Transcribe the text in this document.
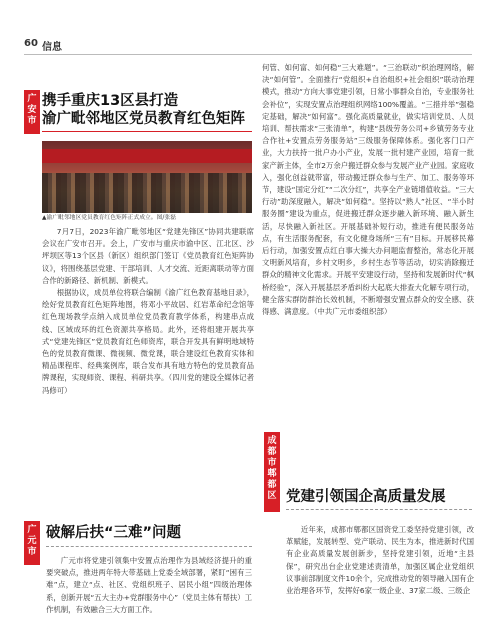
60 信息
广
安
市
携手重庆13区县打造
渝广毗邻地区党员教育红色矩阵
▲渝广毗邻地区党员教育红色矩阵正式成立。图/张磊

7月7日，2023年渝广毗邻地区“党建先锋区”协同共建联席会议在广安市召开。会上，广安市与重庆市渝中区、江北区、沙坪坝区等13个区县（新区）组织部门签订《党员教育红色矩阵协议》，将围绕基层党建、干部培训、人才交流、近距离联动等方面合作的新路径、新机制、新模式。

根据协议，成员单位将联合编制《渝广红色教育基地目录》，绘好党员教育红色矩阵地图，将邓小平故居、红岩革命纪念馆等红色现场教学点纳入成员单位党员教育教学体系，构建串点成线、区域成环的红色资源共享格局。此外，还将组建开展共享式“党建先锋区”党员教育红色师资库，联合开发具有鲜明地域特色的党员教育微课、微视频、微党课，联合建设红色教育实体和精品课程库、经典案例库，联合发布具有地方特色的党员教育品牌课程，实现师资、课程、科研共享。（四川党的建设全媒体记者 冯修可）

广
元
市
破解后扶“三难”问题

广元市将党建引领集中安置点治理作为县域经济提升的重要突破点，推进两年特大带基础上党委全域部署，紧盯“困有三难”点，建立“点、社区、党组织班子、居民小组”四级治理体系，创新开展“五大主办+党群服务中心”（党员主体有帮扶）工作机制，有效融合三大方面工作。

何管、如何富、如何稳“三大难题”。“三治联动”织治理网络，解决“如何管”。全面推行“党组织+自治组织+社会组织”联动治理模式，推动“方向大事党建引领，日常小事群众自治，专业服务社会补位”，实现安置点治理组织网络100%覆盖。“三措并举”强稳定基础，解决“如何富”。强化高质量就业，做实培训党员、人员培训、帮扶需求“三张清单”，构建“县级劳务公司+乡镇劳务专业合作社+安置点劳务服务站”三级服务保障体系。强化客门口产业，大力扶持一批户办小产业，发展一批村建产业园，培育一批家产新主体，全市2万余户搬迁群众参与发展产业产业园。家庭收入，强化创益就带富，带动搬迁群众参与生产、加工、服务等环节，建设“国定分红”“二次分红”，共享全产业链增值收益。“三大行动”助深度融入，解决“如何稳”。坚持以“熟人”社区、“半小时服务圈”建设为重点，促进搬迁群众逐步融入新环境、融入新生活，尽快融入新社区。开展基础补短行动，推进有便民服务站点，有生活服务配套，有文化健身场所“三有”目标。开展移民幕后行动，加强安置点红白事大操大办问题监督整治，常态化开展文明新风培育，乡村文明乡，乡村生态节等活动，切实消除搬迁群众的精神文化需求。开展平安建设行动，坚持和发展新时代“枫桥经验”，深入开展基层矛盾纠纷大起底大排查大化解专项行动，健全落实群防群治长效机制，不断增强安置点群众的安全感、获得感、满意度。（中共广元市委组织部）

成
都
市
郫
都
区 党建引领国企高质量发展

近年来，成都市郫都区国资党工委坚持党建引领，改革赋能，发展转型、党产联动、民生为本，推进新时代国有企业高质量发展创新步，坚持党建引领，近地“主县保”，研究出台企业党建述责清单，加强区属企业党组织议事前部制度文件10余个，完成推动党的领导融入国有企业治理各环节，发挥好6家一级企业、37家二级、三级企
